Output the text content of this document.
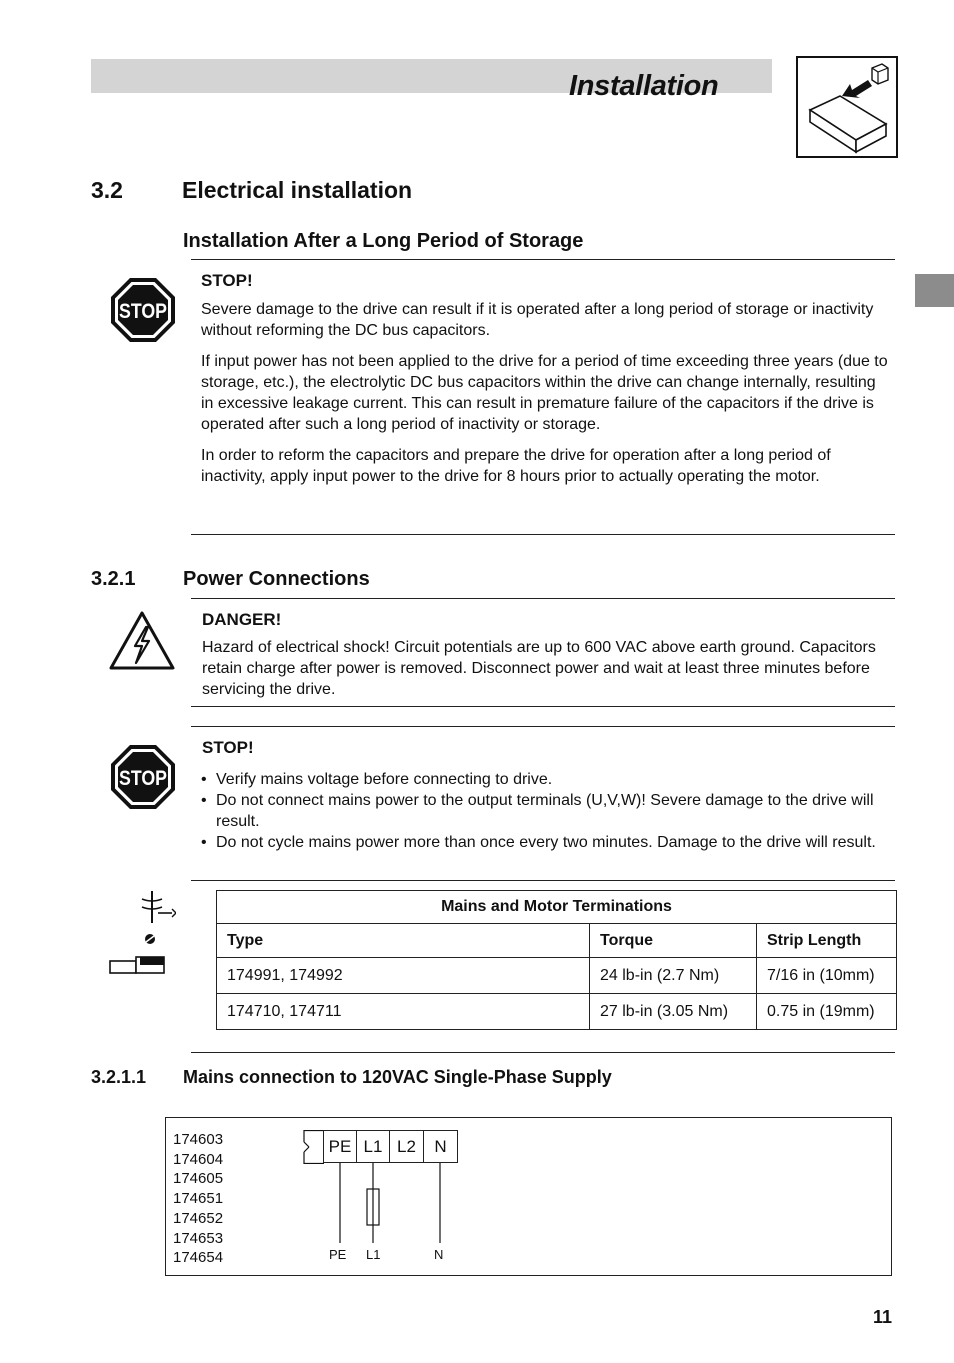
Installation
3.2	Electrical installation
Installation After a Long Period of Storage
STOP
STOP!

Severe damage to the drive can result if it is operated after a long period of storage or inactivity without reforming the DC bus capacitors.

If input power has not been applied to the drive for a period of time exceeding three years (due to storage, etc.), the electrolytic DC bus capacitors within the drive can change internally, resulting in excessive leakage current. This can result in premature failure of the capacitors if the drive is operated after such a long period of inactivity or storage.

In order to reform the capacitors and prepare the drive for operation after a long period of inactivity, apply input power to the drive for 8 hours prior to actually operating the motor.

3.2.1 Power Connections
DANGER!
Hazard of electrical shock! Circuit potentials are up to 600 VAC above earth ground. Capacitors retain charge after power is removed. Disconnect power and wait at least three minutes before servicing the drive.
STOP
STOP!
• Verify mains voltage before connecting to drive.
• Do not connect mains power to the output terminals (U,V,W)! Severe damage to the drive will result.
• Do not cycle mains power more than once every two minutes. Damage to the drive will result.
Mains and Motor Terminations		
Type	Torque	Strip Length
174991, 174992	24 lb-in (2.7 Nm)	7/16 in (10mm)
174710, 174711	27 lb-in (3.05 Nm)	0.75 in (19mm)
3.2.1.1 Mains connection to 120VAC Single-Phase Supply
174603
174604
174605
174651
174652
174653
174654
PE L1 L2	N
PE L1	N
11
